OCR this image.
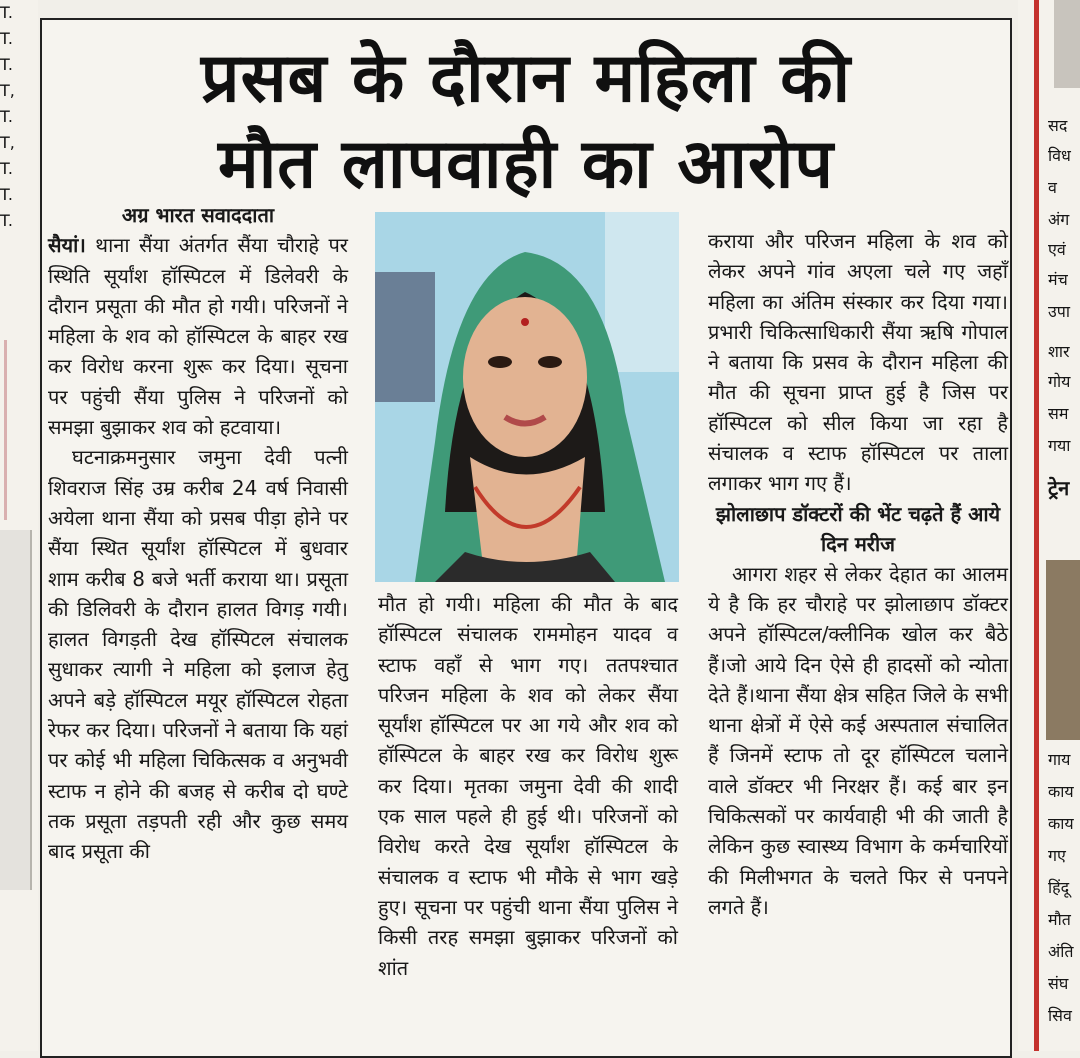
T.
T.
T.
T,
T.
T,
T.
T.
T.
प्रसब के दौरान महिला की
मौत लापवाही का आरोप

अग्र भारत सवाददाता

सैयां। थाना सैंया अंतर्गत सैंया चौराहे पर स्थिति सूर्यांश हॉस्पिटल में डिलेवरी के दौरान प्रसूता की मौत हो गयी। परिजनों ने महिला के शव को हॉस्पिटल के बाहर रख कर विरोध करना शुरू कर दिया। सूचना पर पहुंची सैंया पुलिस ने परिजनों को समझा बुझाकर शव को हटवाया।

घटनाक्रमनुसार जमुना देवी पत्नी शिवराज सिंह उम्र करीब 24 वर्ष निवासी अयेला थाना सैंया को प्रसब पीड़ा होने पर सैंया स्थित सूर्यांश हॉस्पिटल में बुधवार शाम करीब 8 बजे भर्ती कराया था। प्रसूता की डिलिवरी के दौरान हालत विगड़ गयी। हालत विगड़ती देख हॉस्पिटल संचालक सुधाकर त्यागी ने महिला को इलाज हेतु अपने बड़े हॉस्पिटल मयूर हॉस्पिटल रोहता रेफर कर दिया। परिजनों ने बताया कि यहां पर कोई भी महिला चिकित्सक व अनुभवी स्टाफ न होने की बजह से करीब दो घण्टे तक प्रसूता तड़पती रही और कुछ समय बाद प्रसूता की

मौत हो गयी। महिला की मौत के बाद हॉस्पिटल संचालक राममोहन यादव व स्टाफ वहाँ से भाग गए। ततपश्चात परिजन महिला के शव को लेकर सैंया सूर्यांश हॉस्पिटल पर आ गये और शव को हॉस्पिटल के बाहर रख कर विरोध शुरू कर दिया। मृतका जमुना देवी की शादी एक साल पहले ही हुई थी। परिजनों को विरोध करते देख सूर्यांश हॉस्पिटल के संचालक व स्टाफ भी मौके से भाग खड़े हुए। सूचना पर पहुंची थाना सैंया पुलिस ने किसी तरह समझा बुझाकर परिजनों को शांत

कराया और परिजन महिला के शव को लेकर अपने गांव अएला चले गए जहाँ महिला का अंतिम संस्कार कर दिया गया। प्रभारी चिकित्साधिकारी सैंया ऋषि गोपाल ने बताया कि प्रसव के दौरान महिला की मौत की सूचना प्राप्त हुई है जिस पर हॉस्पिटल को सील किया जा रहा है संचालक व स्टाफ हॉस्पिटल पर ताला लगाकर भाग गए हैं।

झोलाछाप डॉक्टरों की भेंट चढ़ते हैं आये दिन मरीज

आगरा शहर से लेकर देहात का आलम ये है कि हर चौराहे पर झोलाछाप डॉक्टर अपने हॉस्पिटल/क्लीनिक खोल कर बैठे हैं।जो आये दिन ऐसे ही हादसों को न्योता देते हैं।थाना सैंया क्षेत्र सहित जिले के सभी थाना क्षेत्रों में ऐसे कई अस्पताल संचालित हैं जिनमें स्टाफ तो दूर हॉस्पिटल चलाने वाले डॉक्टर भी निरक्षर हैं। कई बार इन चिकित्सकों पर कार्यवाही भी की जाती है लेकिन कुछ स्वास्थ्य विभाग के कर्मचारियों की मिलीभगत के चलते फिर से पनपने लगते हैं।

सद
विध
व
अंग
एवं
मंच
उपा
शार
गोय
सम
गया
ट्रेन
गाय
काय
काय
गए
हिंदू
मौत
अंति
संघ
सिव
